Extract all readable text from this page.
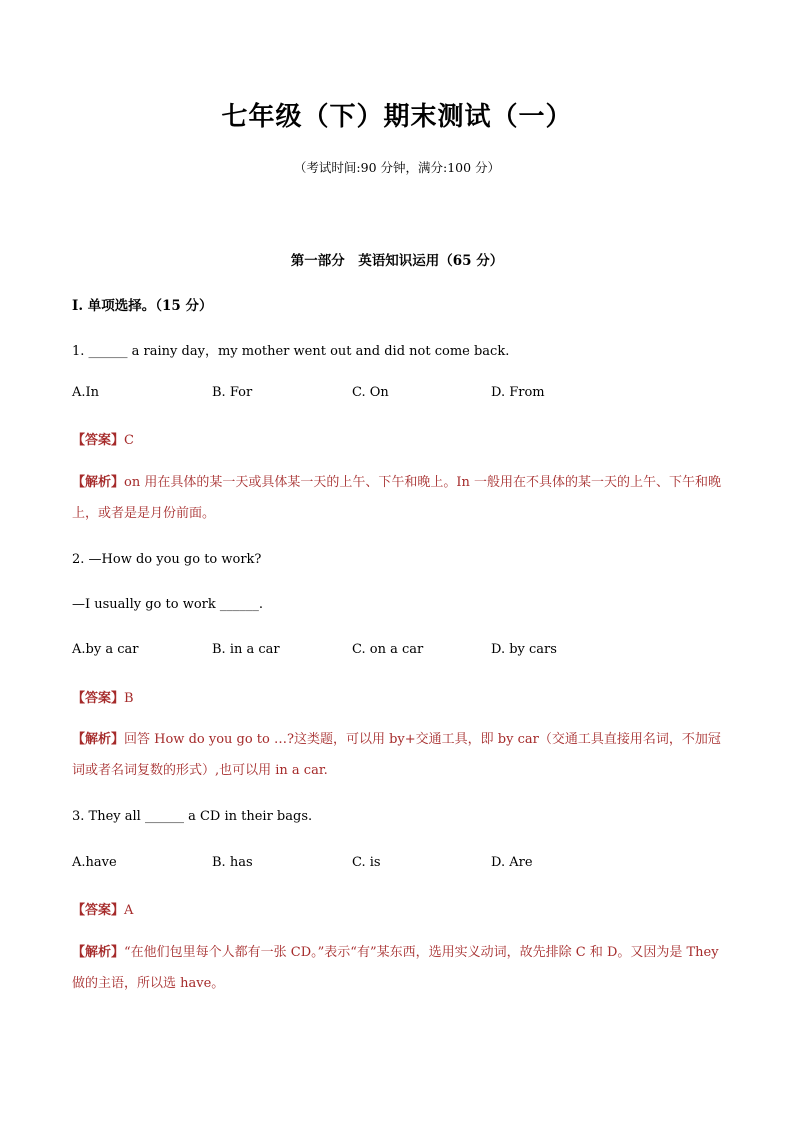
七年级（下）期末测试（一）
（考试时间:90 分钟，满分:100 分）
第一部分　英语知识运用（65 分）
Ⅰ. 单项选择。（15 分）
1. ______ a rainy day，my mother went out and did not come back.
A.In	B. For	C. On	D. From
【答案】C
【解析】on 用在具体的某一天或具体某一天的上午、下午和晚上。In 一般用在不具体的某一天的上午、下午和晚上，或者是是月份前面。
2. —How do you go to work?
—I usually go to work ______.
A.by a car	B. in a car	C. on a car	D. by cars
【答案】B
【解析】回答 How do you go to …?这类题，可以用 by+交通工具，即 by car（交通工具直接用名词，不加冠词或者名词复数的形式）,也可以用 in a car.
3. They all ______ a CD in their bags.
A.have	B. has	C. is	D. Are
【答案】A
【解析】“在他们包里每个人都有一张 CD。”表示“有”某东西，选用实义动词，故先排除 C 和 D。又因为是 They 做的主语，所以选 have。
